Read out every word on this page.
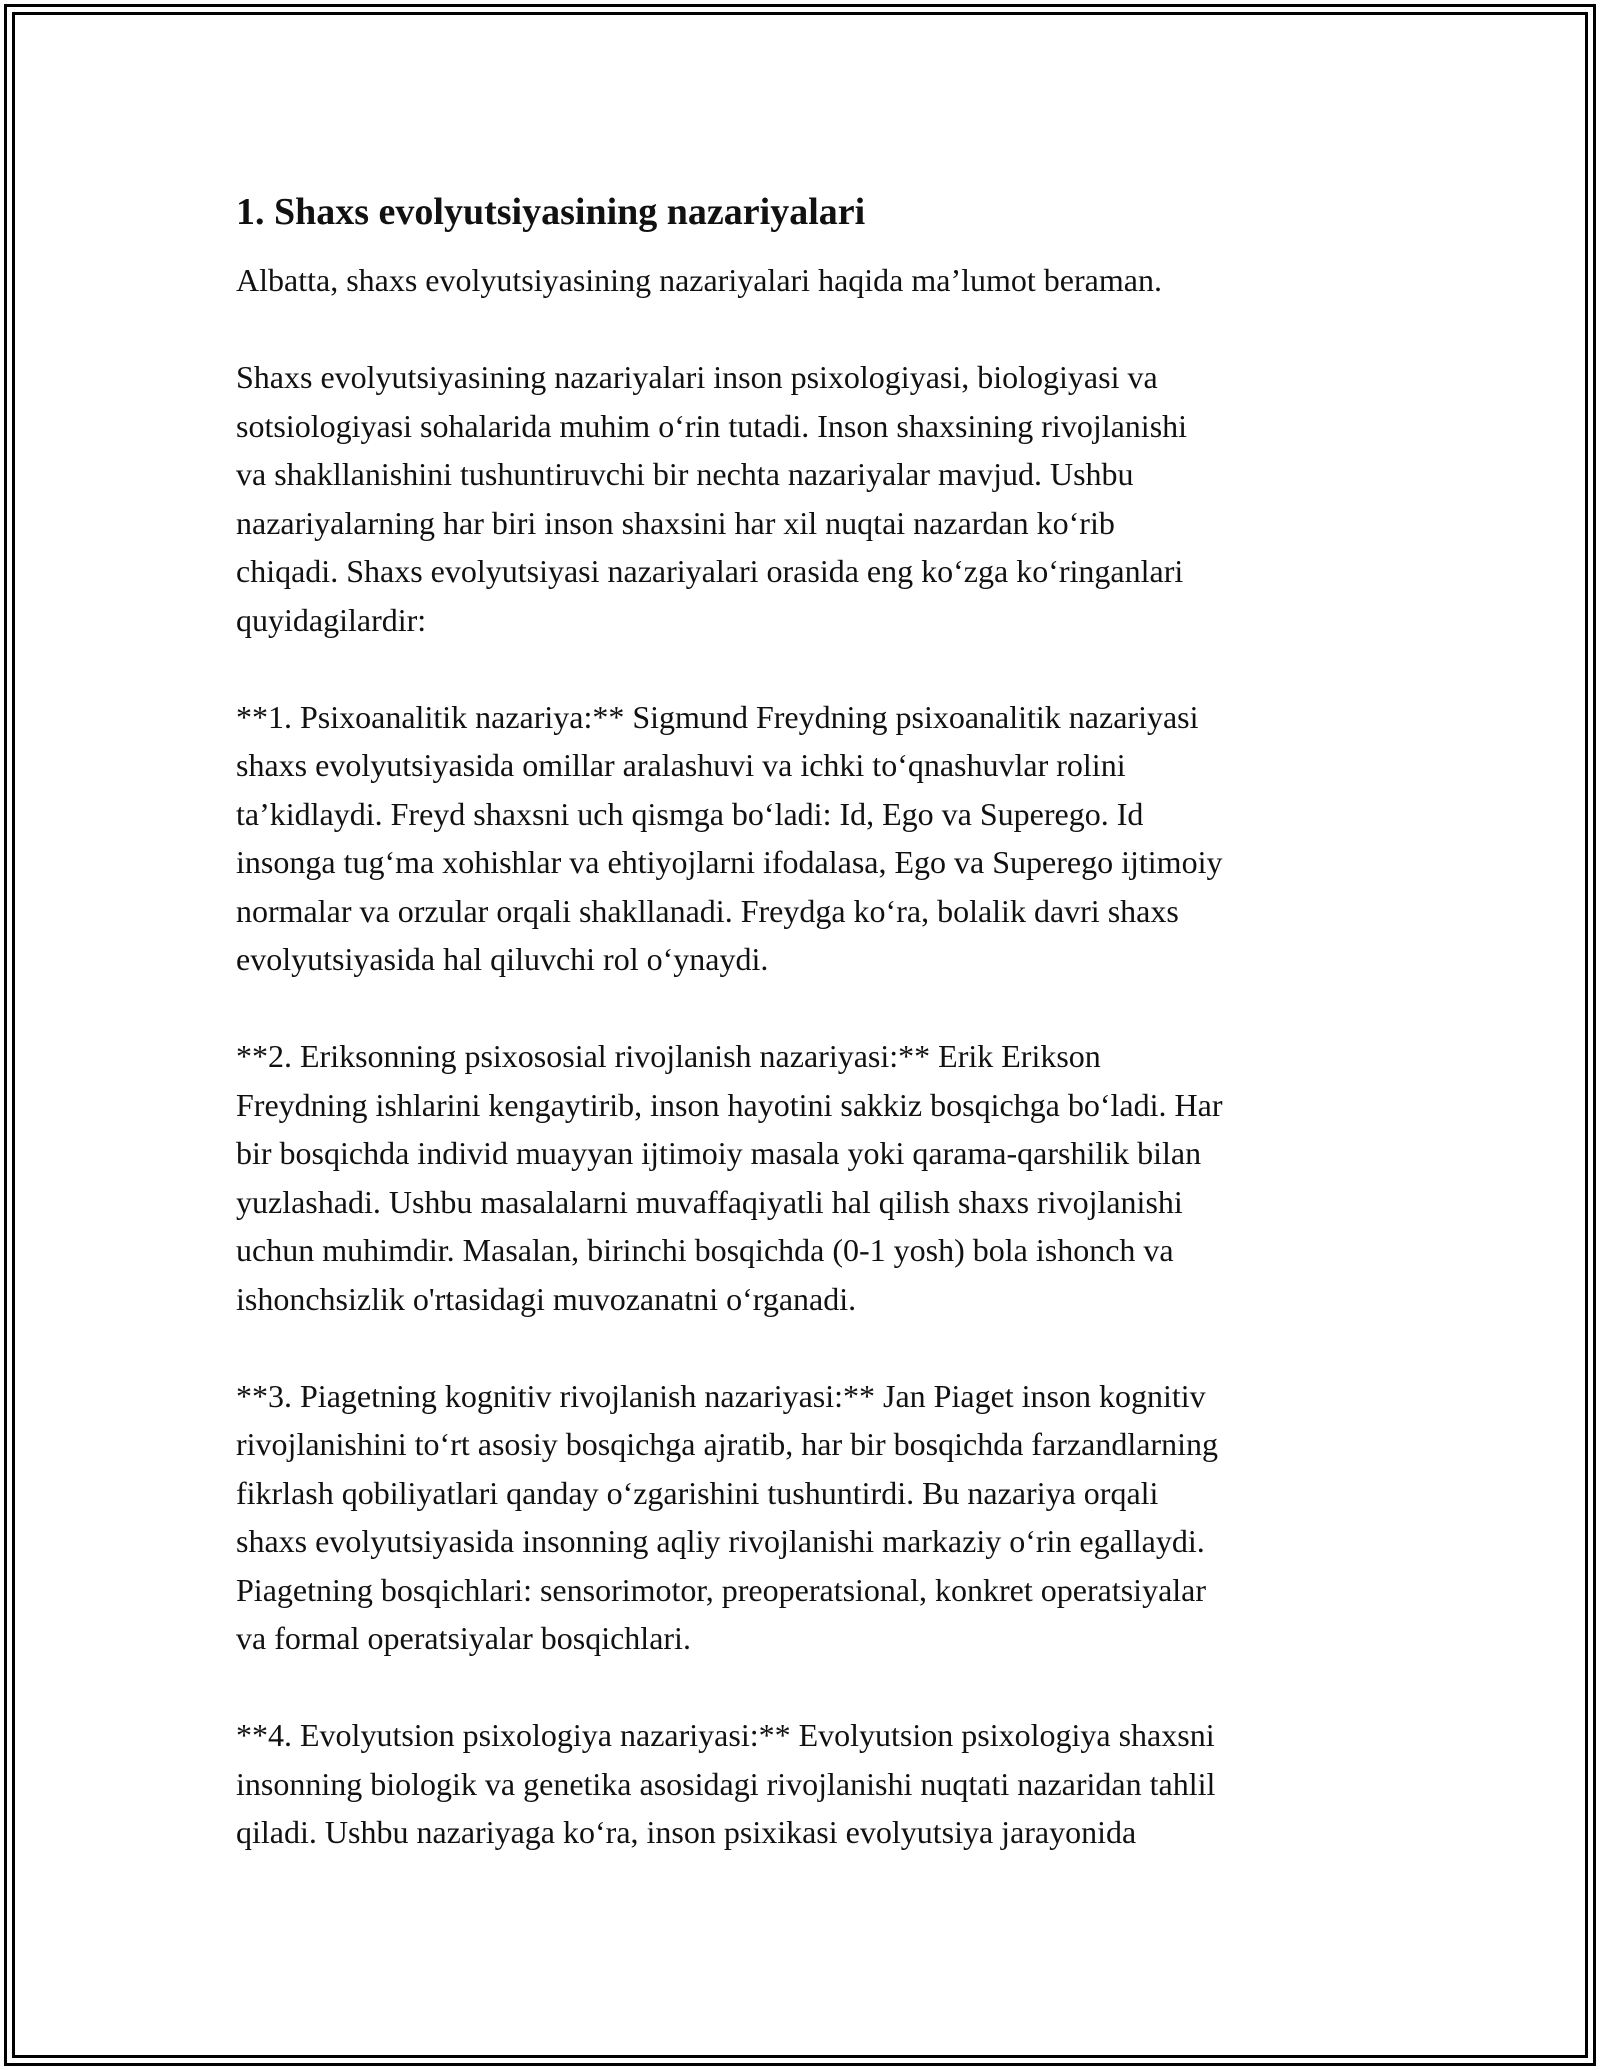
1. Shaxs evolyutsiyasining nazariyalari

Albatta, shaxs evolyutsiyasining nazariyalari haqida ma’lumot beraman.

Shaxs evolyutsiyasining nazariyalari inson psixologiyasi, biologiyasi va
sotsiologiyasi sohalarida muhim o‘rin tutadi. Inson shaxsining rivojlanishi
va shakllanishini tushuntiruvchi bir nechta nazariyalar mavjud. Ushbu
nazariyalarning har biri inson shaxsini har xil nuqtai nazardan ko‘rib
chiqadi. Shaxs evolyutsiyasi nazariyalari orasida eng ko‘zga ko‘ringanlari
quyidagilardir:

**1. Psixoanalitik nazariya:** Sigmund Freydning psixoanalitik nazariyasi
shaxs evolyutsiyasida omillar aralashuvi va ichki to‘qnashuvlar rolini
ta’kidlaydi. Freyd shaxsni uch qismga bo‘ladi: Id, Ego va Superego. Id
insonga tug‘ma xohishlar va ehtiyojlarni ifodalasa, Ego va Superego ijtimoiy
normalar va orzular orqali shakllanadi. Freydga ko‘ra, bolalik davri shaxs
evolyutsiyasida hal qiluvchi rol o‘ynaydi.

**2. Eriksonning psixososial rivojlanish nazariyasi:** Erik Erikson
Freydning ishlarini kengaytirib, inson hayotini sakkiz bosqichga bo‘ladi. Har
bir bosqichda individ muayyan ijtimoiy masala yoki qarama-qarshilik bilan
yuzlashadi. Ushbu masalalarni muvaffaqiyatli hal qilish shaxs rivojlanishi
uchun muhimdir. Masalan, birinchi bosqichda (0-1 yosh) bola ishonch va
ishonchsizlik o'rtasidagi muvozanatni o‘rganadi.

**3. Piagetning kognitiv rivojlanish nazariyasi:** Jan Piaget inson kognitiv
rivojlanishini to‘rt asosiy bosqichga ajratib, har bir bosqichda farzandlarning
fikrlash qobiliyatlari qanday o‘zgarishini tushuntirdi. Bu nazariya orqali
shaxs evolyutsiyasida insonning aqliy rivojlanishi markaziy o‘rin egallaydi.
Piagetning bosqichlari: sensorimotor, preoperatsional, konkret operatsiyalar
va formal operatsiyalar bosqichlari.

**4. Evolyutsion psixologiya nazariyasi:** Evolyutsion psixologiya shaxsni
insonning biologik va genetika asosidagi rivojlanishi nuqtati nazaridan tahlil
qiladi. Ushbu nazariyaga ko‘ra, inson psixikasi evolyutsiya jarayonida
